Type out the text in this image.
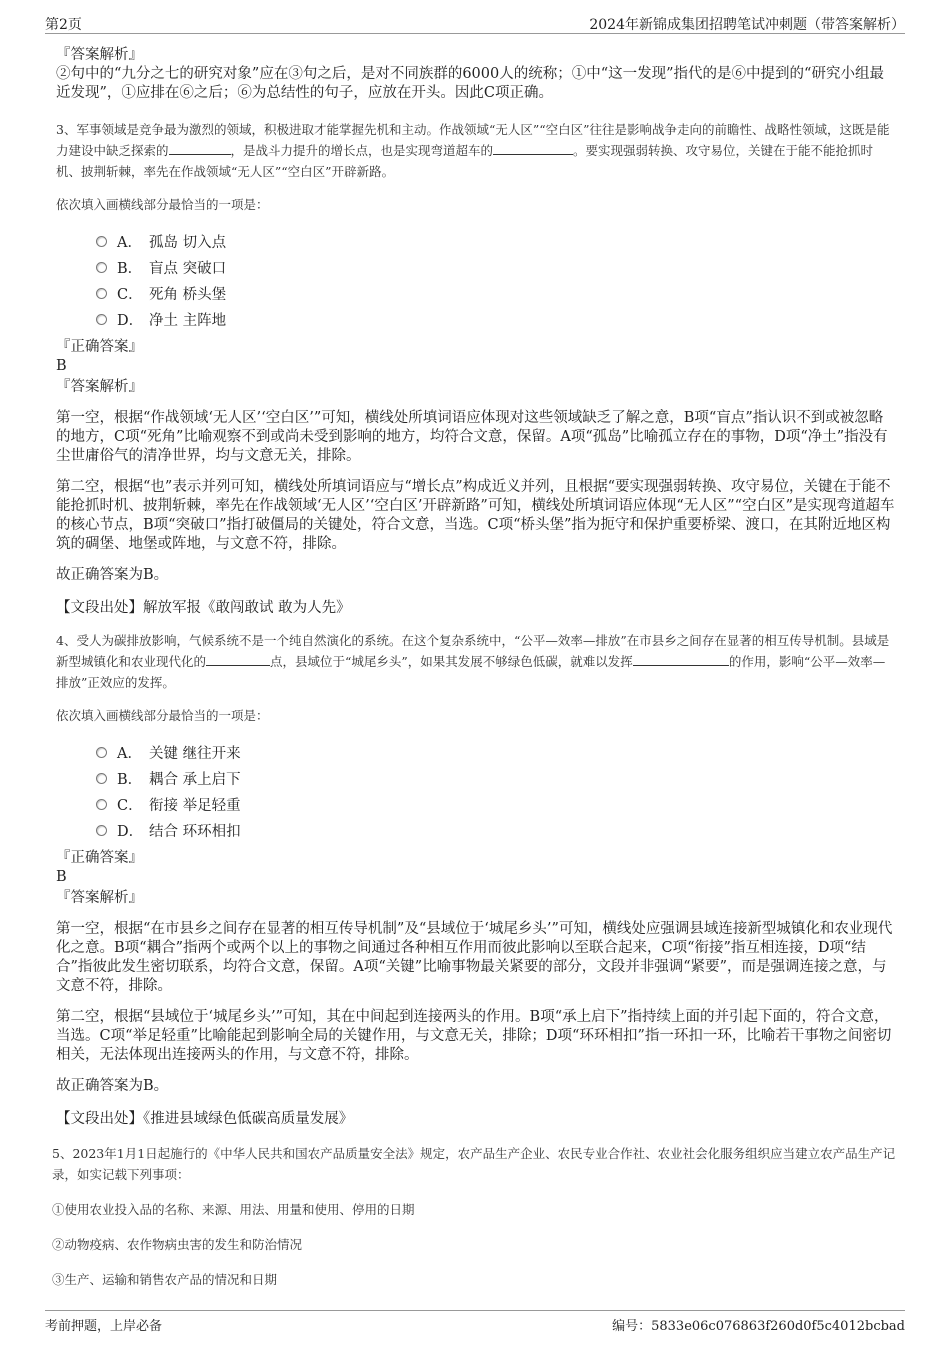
第2页	2024年新锦成集团招聘笔试冲刺题（带答案解析）
『答案解析』
②句中的“九分之七的研究对象”应在③句之后，是对不同族群的6000人的统称；①中“这一发现”指代的是⑥中提到的“研究小组最近发现”，①应排在⑥之后；⑥为总结性的句子，应放在开头。因此C项正确。
3、军事领域是竞争最为激烈的领域，积极进取才能掌握先机和主动。作战领域“无人区”“空白区”往往是影响战争走向的前瞻性、战略性领域，这既是能力建设中缺乏探索的	，是战斗力提升的增长点，也是实现弯道超车的	。要实现强弱转换、攻守易位，关键在于能不能抢抓时机、披荆斩棘，率先在作战领域“无人区”“空白区”开辟新路。
依次填入画横线部分最恰当的一项是：
A． 孤岛 切入点
B． 盲点 突破口
C． 死角 桥头堡
D． 净土 主阵地
『正确答案』
B
『答案解析』
第一空，根据“作战领域‘无人区’‘空白区’”可知，横线处所填词语应体现对这些领域缺乏了解之意，B项“盲点”指认识不到或被忽略的地方，C项“死角”比喻观察不到或尚未受到影响的地方，均符合文意，保留。A项“孤岛”比喻孤立存在的事物，D项“净土”指没有尘世庸俗气的清净世界，均与文意无关，排除。
第二空，根据“也”表示并列可知，横线处所填词语应与“增长点”构成近义并列，且根据“要实现强弱转换、攻守易位，关键在于能不能抢抓时机、披荆斩棘，率先在作战领域‘无人区’‘空白区’开辟新路”可知，横线处所填词语应体现“无人区”“空白区”是实现弯道超车的核心节点，B项“突破口”指打破僵局的关键处，符合文意，当选。C项“桥头堡”指为扼守和保护重要桥梁、渡口，在其附近地区构筑的碉堡、地堡或阵地，与文意不符，排除。
故正确答案为B。
【文段出处】解放军报《敢闯敢试 敢为人先》
4、受人为碳排放影响，气候系统不是一个纯自然演化的系统。在这个复杂系统中，“公平—效率—排放”在市县乡之间存在显著的相互传导机制。县域是新型城镇化和农业现代化的	点，县域位于“城尾乡头”，如果其发展不够绿色低碳，就难以发挥	的作用，影响“公平—效率—排放”正效应的发挥。
依次填入画横线部分最恰当的一项是：
A． 关键 继往开来
B． 耦合 承上启下
C． 衔接 举足轻重
D． 结合 环环相扣
『正确答案』
B
『答案解析』
第一空，根据“在市县乡之间存在显著的相互传导机制”及“县域位于‘城尾乡头’”可知，横线处应强调县域连接新型城镇化和农业现代化之意。B项“耦合”指两个或两个以上的事物之间通过各种相互作用而彼此影响以至联合起来，C项“衔接”指互相连接，D项“结合”指彼此发生密切联系，均符合文意，保留。A项“关键”比喻事物最关紧要的部分，文段并非强调“紧要”，而是强调连接之意，与文意不符，排除。
第二空，根据“县域位于‘城尾乡头’”可知，其在中间起到连接两头的作用。B项“承上启下”指持续上面的并引起下面的，符合文意，当选。C项“举足轻重”比喻能起到影响全局的关键作用，与文意无关，排除；D项“环环相扣”指一环扣一环，比喻若干事物之间密切相关，无法体现出连接两头的作用，与文意不符，排除。
故正确答案为B。
【文段出处】《推进县域绿色低碳高质量发展》
5、2023年1月1日起施行的《中华人民共和国农产品质量安全法》规定，农产品生产企业、农民专业合作社、农业社会化服务组织应当建立农产品生产记录，如实记载下列事项：
①使用农业投入品的名称、来源、用法、用量和使用、停用的日期
②动物疫病、农作物病虫害的发生和防治情况
③生产、运输和销售农产品的情况和日期
考前押题，上岸必备	编号：5833e06c076863f260d0f5c4012bcbad
